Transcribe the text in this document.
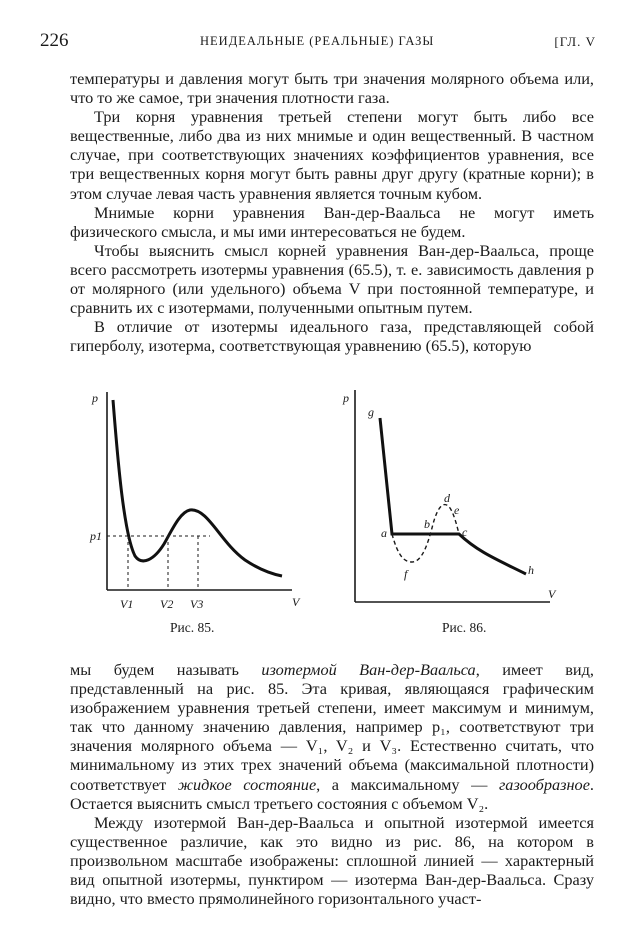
226	НЕИДЕАЛЬНЫЕ (РЕАЛЬНЫЕ) ГАЗЫ	[ГЛ. V

температуры и давления могут быть три значения молярного объема или, что то же самое, три значения плотности газа.

Три корня уравнения третьей степени могут быть либо все вещественные, либо два из них мнимые и один вещественный. В частном случае, при соответствующих значениях коэффициентов уравнения, все три вещественных корня могут быть равны друг другу (кратные корни); в этом случае левая часть уравнения является точным кубом.

Мнимые корни уравнения Ван-дер-Ваальса не могут иметь физического смысла, и мы ими интересоваться не будем.

Чтобы выяснить смысл корней уравнения Ван-дер-Ваальса, проще всего рассмотреть изотермы уравнения (65.5), т. е. зависимость давления p от молярного (или удельного) объема V при постоянной температуре, и сравнить их с изотермами, полученными опытным путем.

В отличие от изотермы идеального газа, представляющей собой гиперболу, изотерма, соответствующая уравнению (65.5), которую

p
p1
V1 V2 V3	V
Рис. 85.
p
g
a
b
c
d
e
f	h
V
Рис. 86.

мы будем называть изотермой Ван-дер-Ваальса, имеет вид, представленный на рис. 85. Эта кривая, являющаяся графическим изображением уравнения третьей степени, имеет максимум и минимум, так что данному значению давления, например p₁, соответствуют три значения молярного объема — V₁, V₂ и V₃. Естественно считать, что минимальному из этих трех значений объема (максимальной плотности) соответствует жидкое состояние, а максимальному — газообразное. Остается выяснить смысл третьего состояния с объемом V₂.

Между изотермой Ван-дер-Ваальса и опытной изотермой имеется существенное различие, как это видно из рис. 86, на котором в произвольном масштабе изображены: сплошной линией — характерный вид опытной изотермы, пунктиром — изотерма Ван-дер-Ваальса. Сразу видно, что вместо прямолинейного горизонтального участ-
